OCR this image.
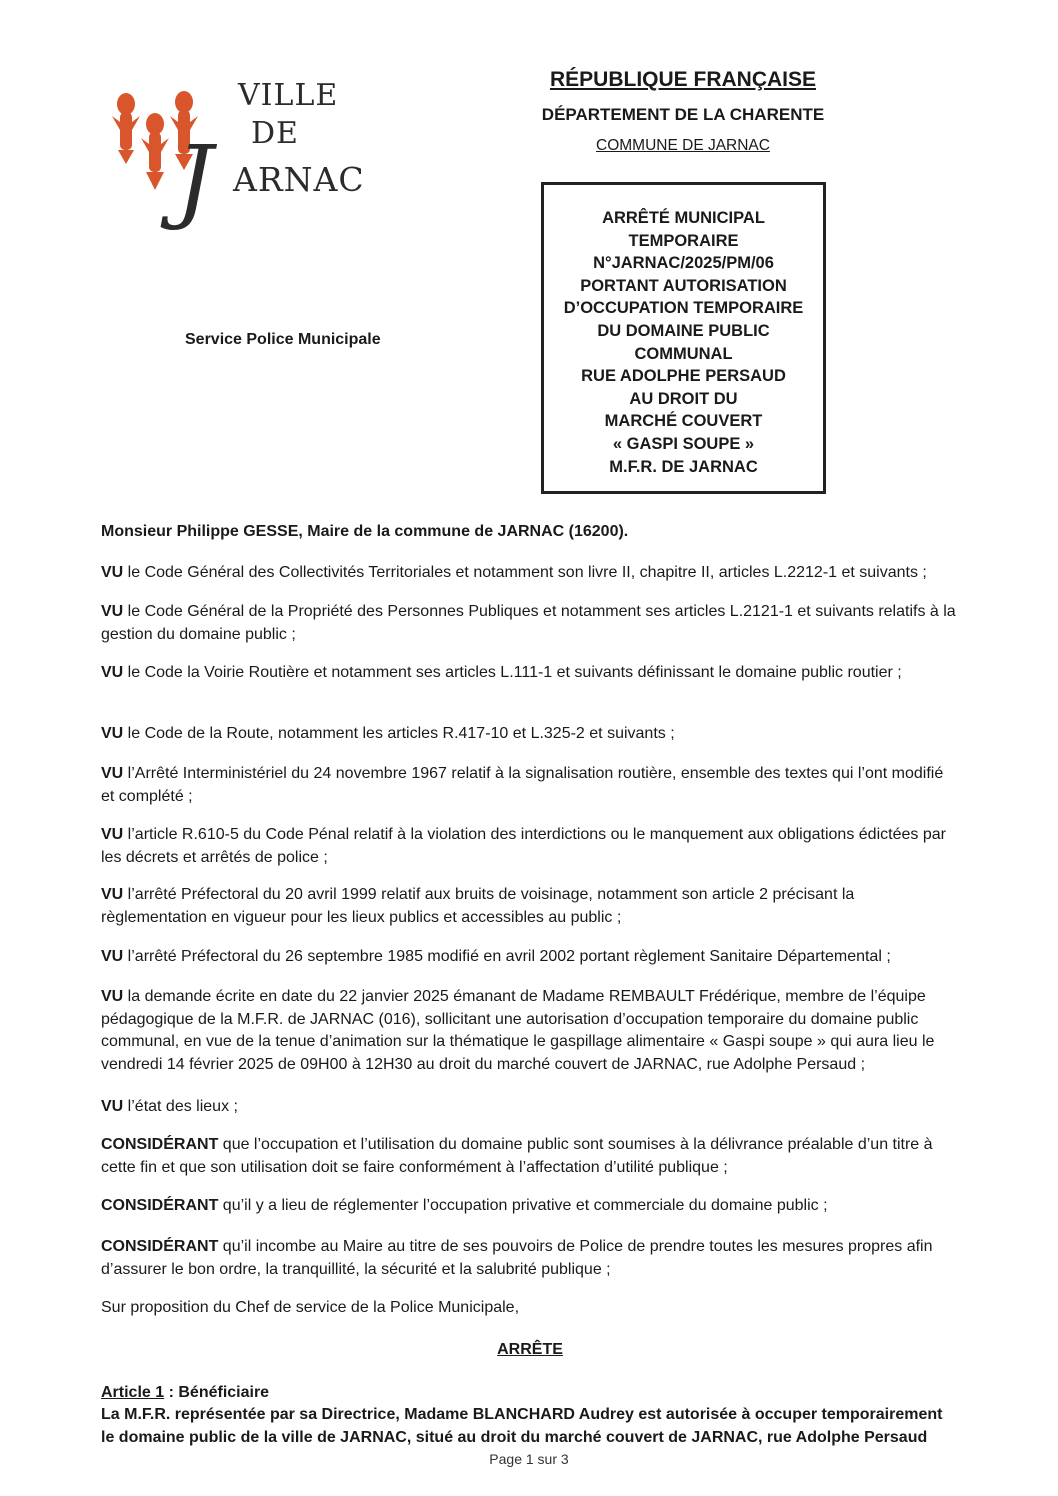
VILLE
DE
J ARNAC
RÉPUBLIQUE FRANÇAISE
DÉPARTEMENT DE LA CHARENTE
COMMUNE DE JARNAC
ARRÊTÉ MUNICIPAL
TEMPORAIRE
N°JARNAC/2025/PM/06
PORTANT AUTORISATION
D’OCCUPATION TEMPORAIRE
DU DOMAINE PUBLIC
COMMUNAL
RUE ADOLPHE PERSAUD
AU DROIT DU
MARCHÉ COUVERT
« GASPI SOUPE »
M.F.R. DE JARNAC
Service Police Municipale
Monsieur Philippe GESSE, Maire de la commune de JARNAC (16200).
VU le Code Général des Collectivités Territoriales et notamment son livre II, chapitre II, articles L.2212-1 et suivants ;
VU le Code Général de la Propriété des Personnes Publiques et notamment ses articles L.2121-1 et suivants relatifs à la gestion du domaine public ;
VU le Code la Voirie Routière et notamment ses articles L.111-1 et suivants définissant le domaine public routier ;
VU le Code de la Route, notamment les articles R.417-10 et L.325-2 et suivants ;
VU l’Arrêté Interministériel du 24 novembre 1967 relatif à la signalisation routière, ensemble des textes qui l’ont modifié et complété ;
VU l’article R.610-5 du Code Pénal relatif à la violation des interdictions ou le manquement aux obligations édictées par les décrets et arrêtés de police ;
VU l’arrêté Préfectoral du 20 avril 1999 relatif aux bruits de voisinage, notamment son article 2 précisant la règlementation en vigueur pour les lieux publics et accessibles au public ;
VU l’arrêté Préfectoral du 26 septembre 1985 modifié en avril 2002 portant règlement Sanitaire Départemental ;
VU la demande écrite en date du 22 janvier 2025 émanant de Madame REMBAULT Frédérique, membre de l’équipe pédagogique de la M.F.R. de JARNAC (016), sollicitant une autorisation d’occupation temporaire du domaine public communal, en vue de la tenue d’animation sur la thématique le gaspillage alimentaire « Gaspi soupe » qui aura lieu le vendredi 14 février 2025 de 09H00 à 12H30 au droit du marché couvert de JARNAC, rue Adolphe Persaud ;
VU l’état des lieux ;
CONSIDÉRANT que l’occupation et l’utilisation du domaine public sont soumises à la délivrance préalable d’un titre à cette fin et que son utilisation doit se faire conformément à l’affectation d’utilité publique ;
CONSIDÉRANT qu’il y a lieu de réglementer l’occupation privative et commerciale du domaine public ;
CONSIDÉRANT qu’il incombe au Maire au titre de ses pouvoirs de Police de prendre toutes les mesures propres afin d’assurer le bon ordre, la tranquillité, la sécurité et la salubrité publique ;
Sur proposition du Chef de service de la Police Municipale,
ARRÊTE
Article 1 : Bénéficiaire
La M.F.R. représentée par sa Directrice, Madame BLANCHARD Audrey est autorisée à occuper temporairement le domaine public de la ville de JARNAC, situé au droit du marché couvert de JARNAC, rue Adolphe Persaud
Page 1 sur 3
